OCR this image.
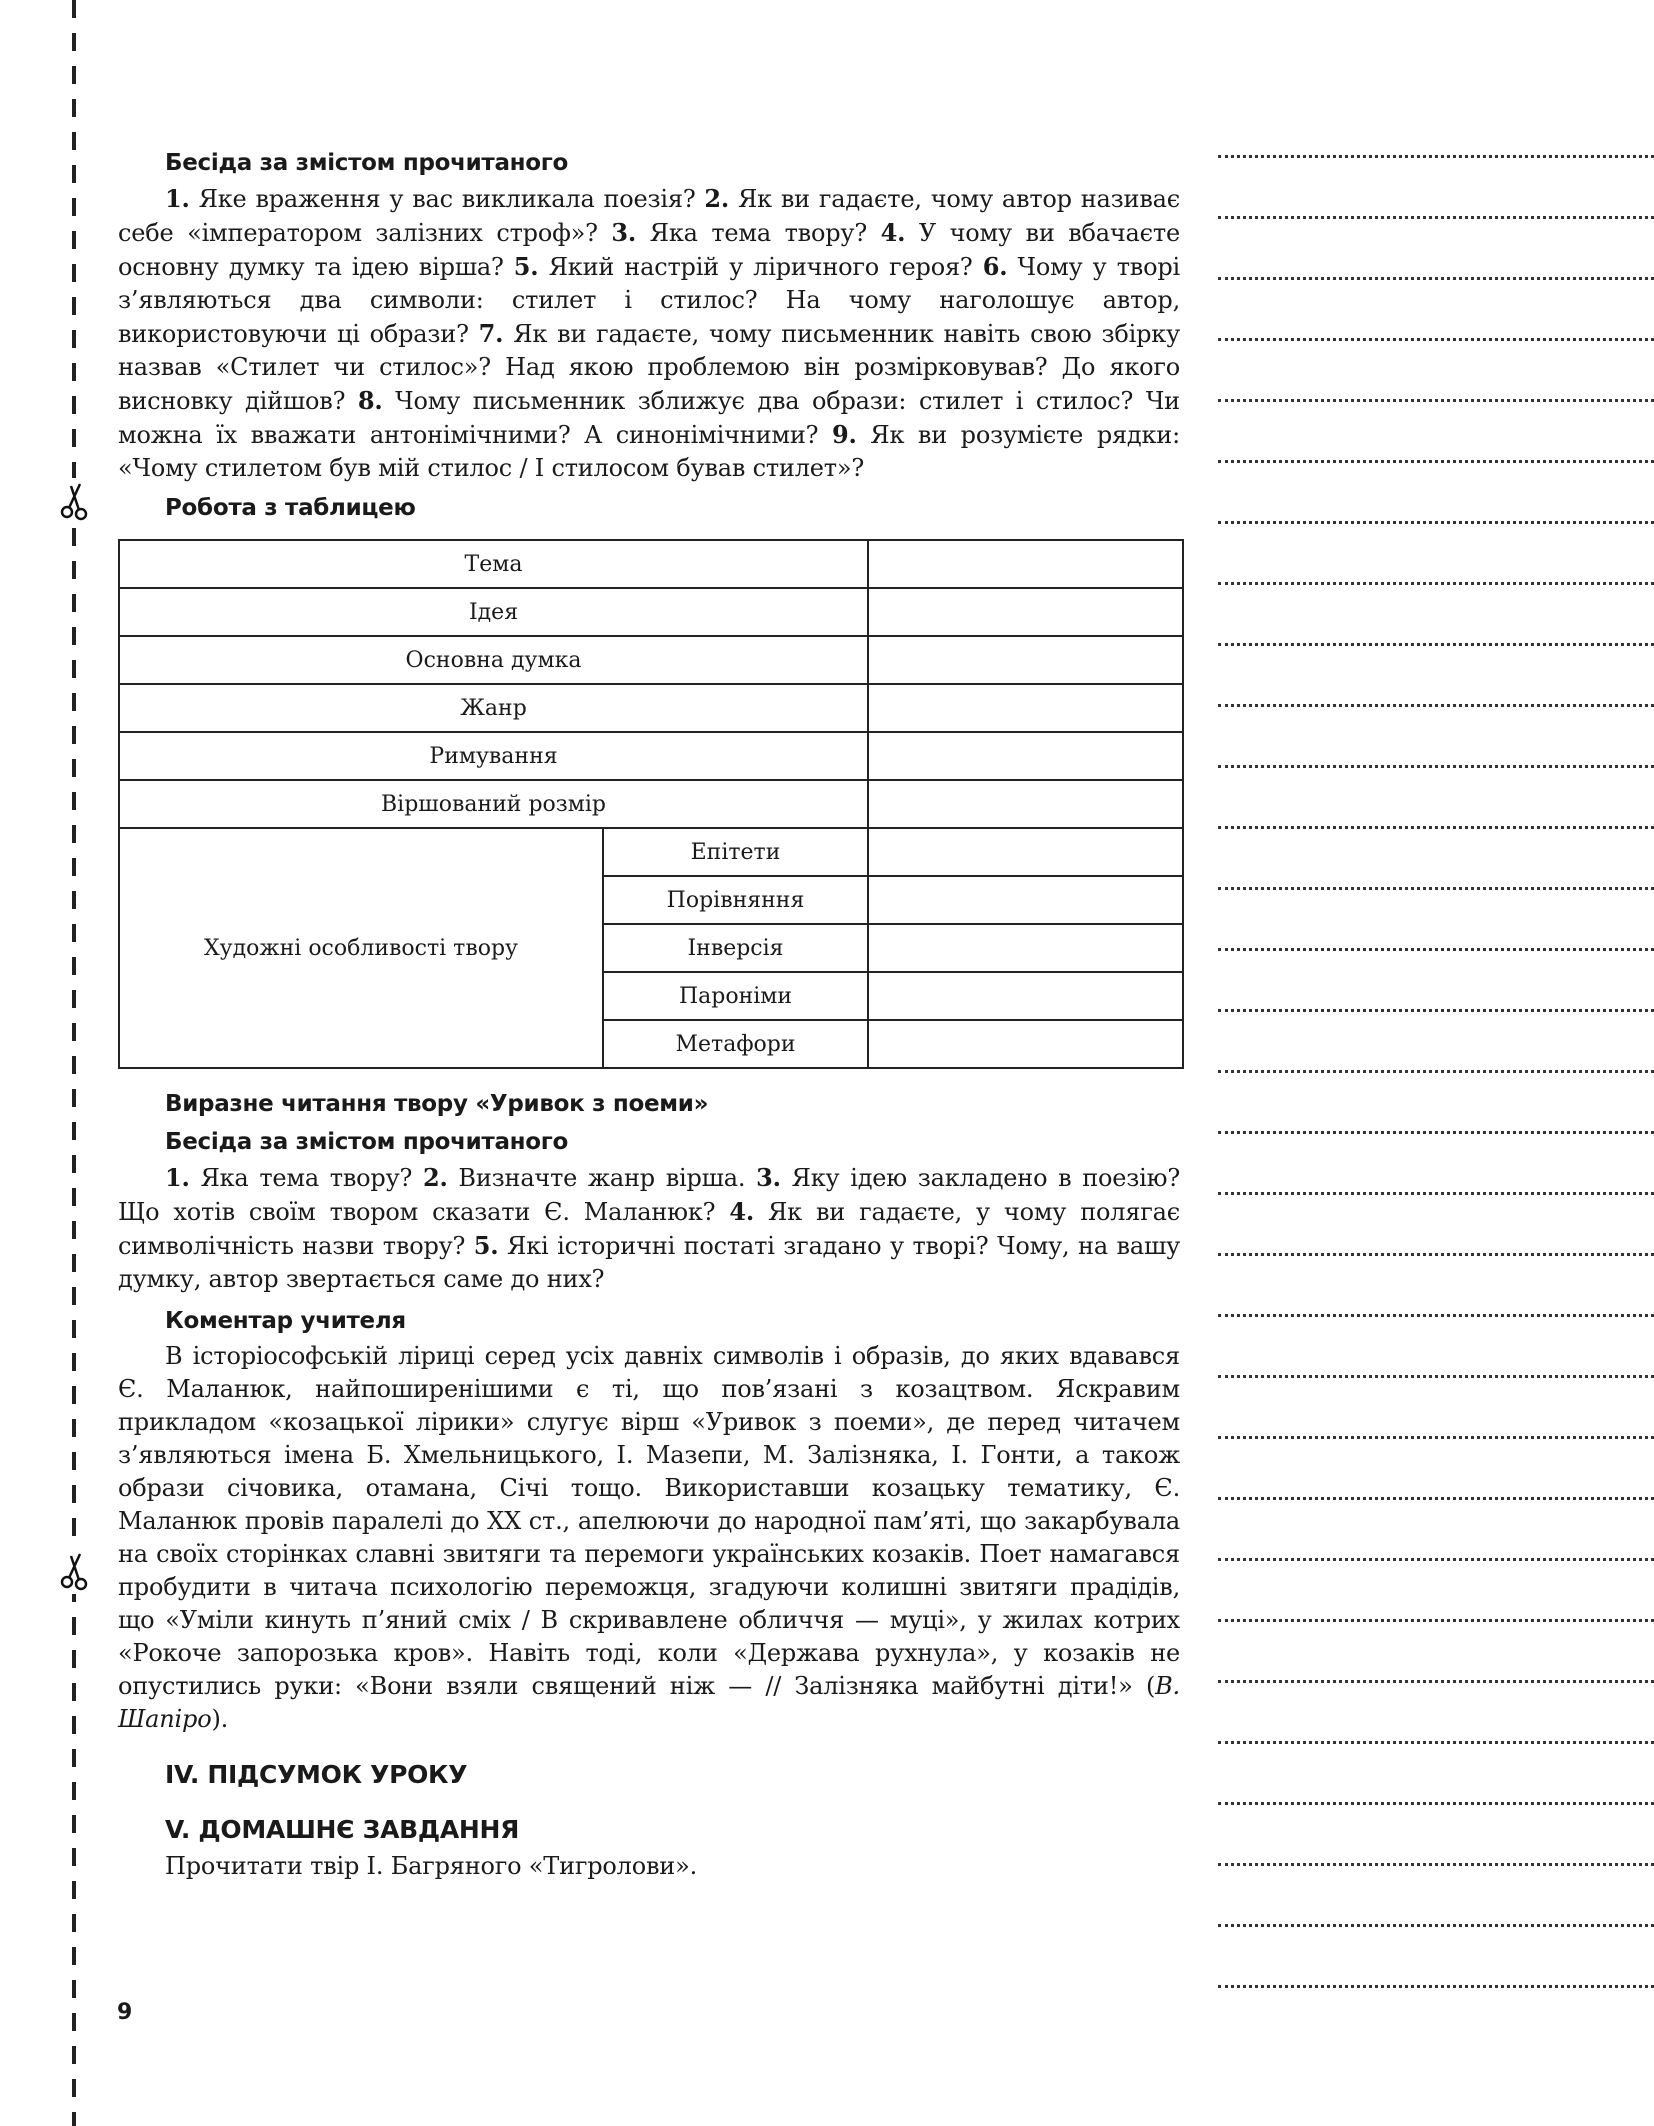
Бесіда за змістом прочитаного

1. Яке враження у вас викликала поезія? 2. Як ви гадаєте, чому автор називає себе «імператором залізних строф»? 3. Яка тема твору? 4. У чому ви вбачаєте основну думку та ідею вірша? 5. Який настрій у ліричного героя? 6. Чому у творі з’являються два символи: стилет і стилос? На чому наголошує автор, використовуючи ці образи? 7. Як ви гадаєте, чому письменник навіть свою збірку назвав «Стилет чи стилос»? Над якою проблемою він розмірковував? До якого висновку дійшов? 8. Чому письменник зближує два образи: стилет і стилос? Чи можна їх вважати антонімічними? А синонімічними? 9. Як ви розумієте рядки: «Чому стилетом був мій стилос / І стилосом бував стилет»?

Робота з таблицею
Тема		
Ідея		
Основна думка		
Жанр		
Римування		
Віршований розмір		
Художні особливості твору	Епітети	
	Порівняння	
	Інверсія	
	Пароніми	
	Метафори	
Виразне читання твору «Уривок з поеми»
Бесіда за змістом прочитаного

1. Яка тема твору? 2. Визначте жанр вірша. 3. Яку ідею закладено в поезію? Що хотів своїм твором сказати Є. Маланюк? 4. Як ви гадаєте, у чому полягає символічність назви твору? 5. Які історичні постаті згадано у творі? Чому, на вашу думку, автор звертається саме до них?

Коментар учителя

В історіософській ліриці серед усіх давніх символів і образів, до яких вдавався Є. Маланюк, найпоширенішими є ті, що пов’язані з козацтвом. Яскравим прикладом «козацької лірики» слугує вірш «Уривок з поеми», де перед читачем з’являються імена Б. Хмельницького, І. Мазепи, М. Залізняка, І. Гонти, а також образи січовика, отамана, Січі тощо. Використавши козацьку тематику, Є. Маланюк провів паралелі до XX ст., апелюючи до народної пам’яті, що закарбувала на своїх сторінках славні звитяги та перемоги українських козаків. Поет намагався пробудити в читача психологію переможця, згадуючи колишні звитяги прадідів, що «Уміли кинуть п’яний сміх / В скривавлене обличчя — муці», у жилах котрих «Рокоче запорозька кров». Навіть тоді, коли «Держава рухнула», у козаків не опустились руки: «Вони взяли священий ніж — // Залізняка майбутні діти!» (В. Шапіро).

IV. ПІДСУМОК УРОКУ
V. ДОМАШНЄ ЗАВДАННЯ

Прочитати твір І. Багряного «Тигролови».

9
